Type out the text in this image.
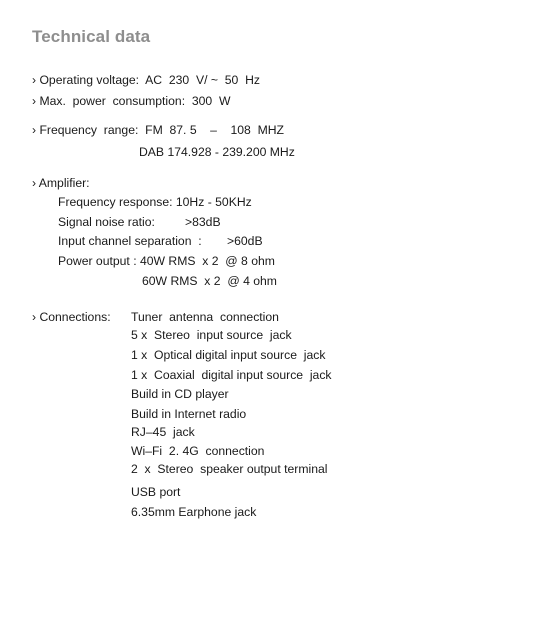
Technical data
› Operating voltage:  AC  230  V/ ~  50  Hz
› Max.  power  consumption:  300  W
› Frequency  range:  FM  87. 5    –    108  MHZ
DAB 174.928 - 239.200 MHz
› Amplifier:
Frequency response: 10Hz - 50KHz
Signal noise ratio: >83dB
Input channel separation  : >60dB
Power output : 40W RMS  x 2  @ 8 ohm
60W RMS  x 2  @ 4 ohm
› Connections: Tuner  antenna  connection
5 x  Stereo  input source  jack
1 x  Optical digital input source  jack
1 x  Coaxial  digital input source  jack
Build in CD player
Build in Internet radio
RJ–45  jack
Wi–Fi  2. 4G  connection
2  x  Stereo  speaker output terminal
USB port
6.35mm Earphone jack
